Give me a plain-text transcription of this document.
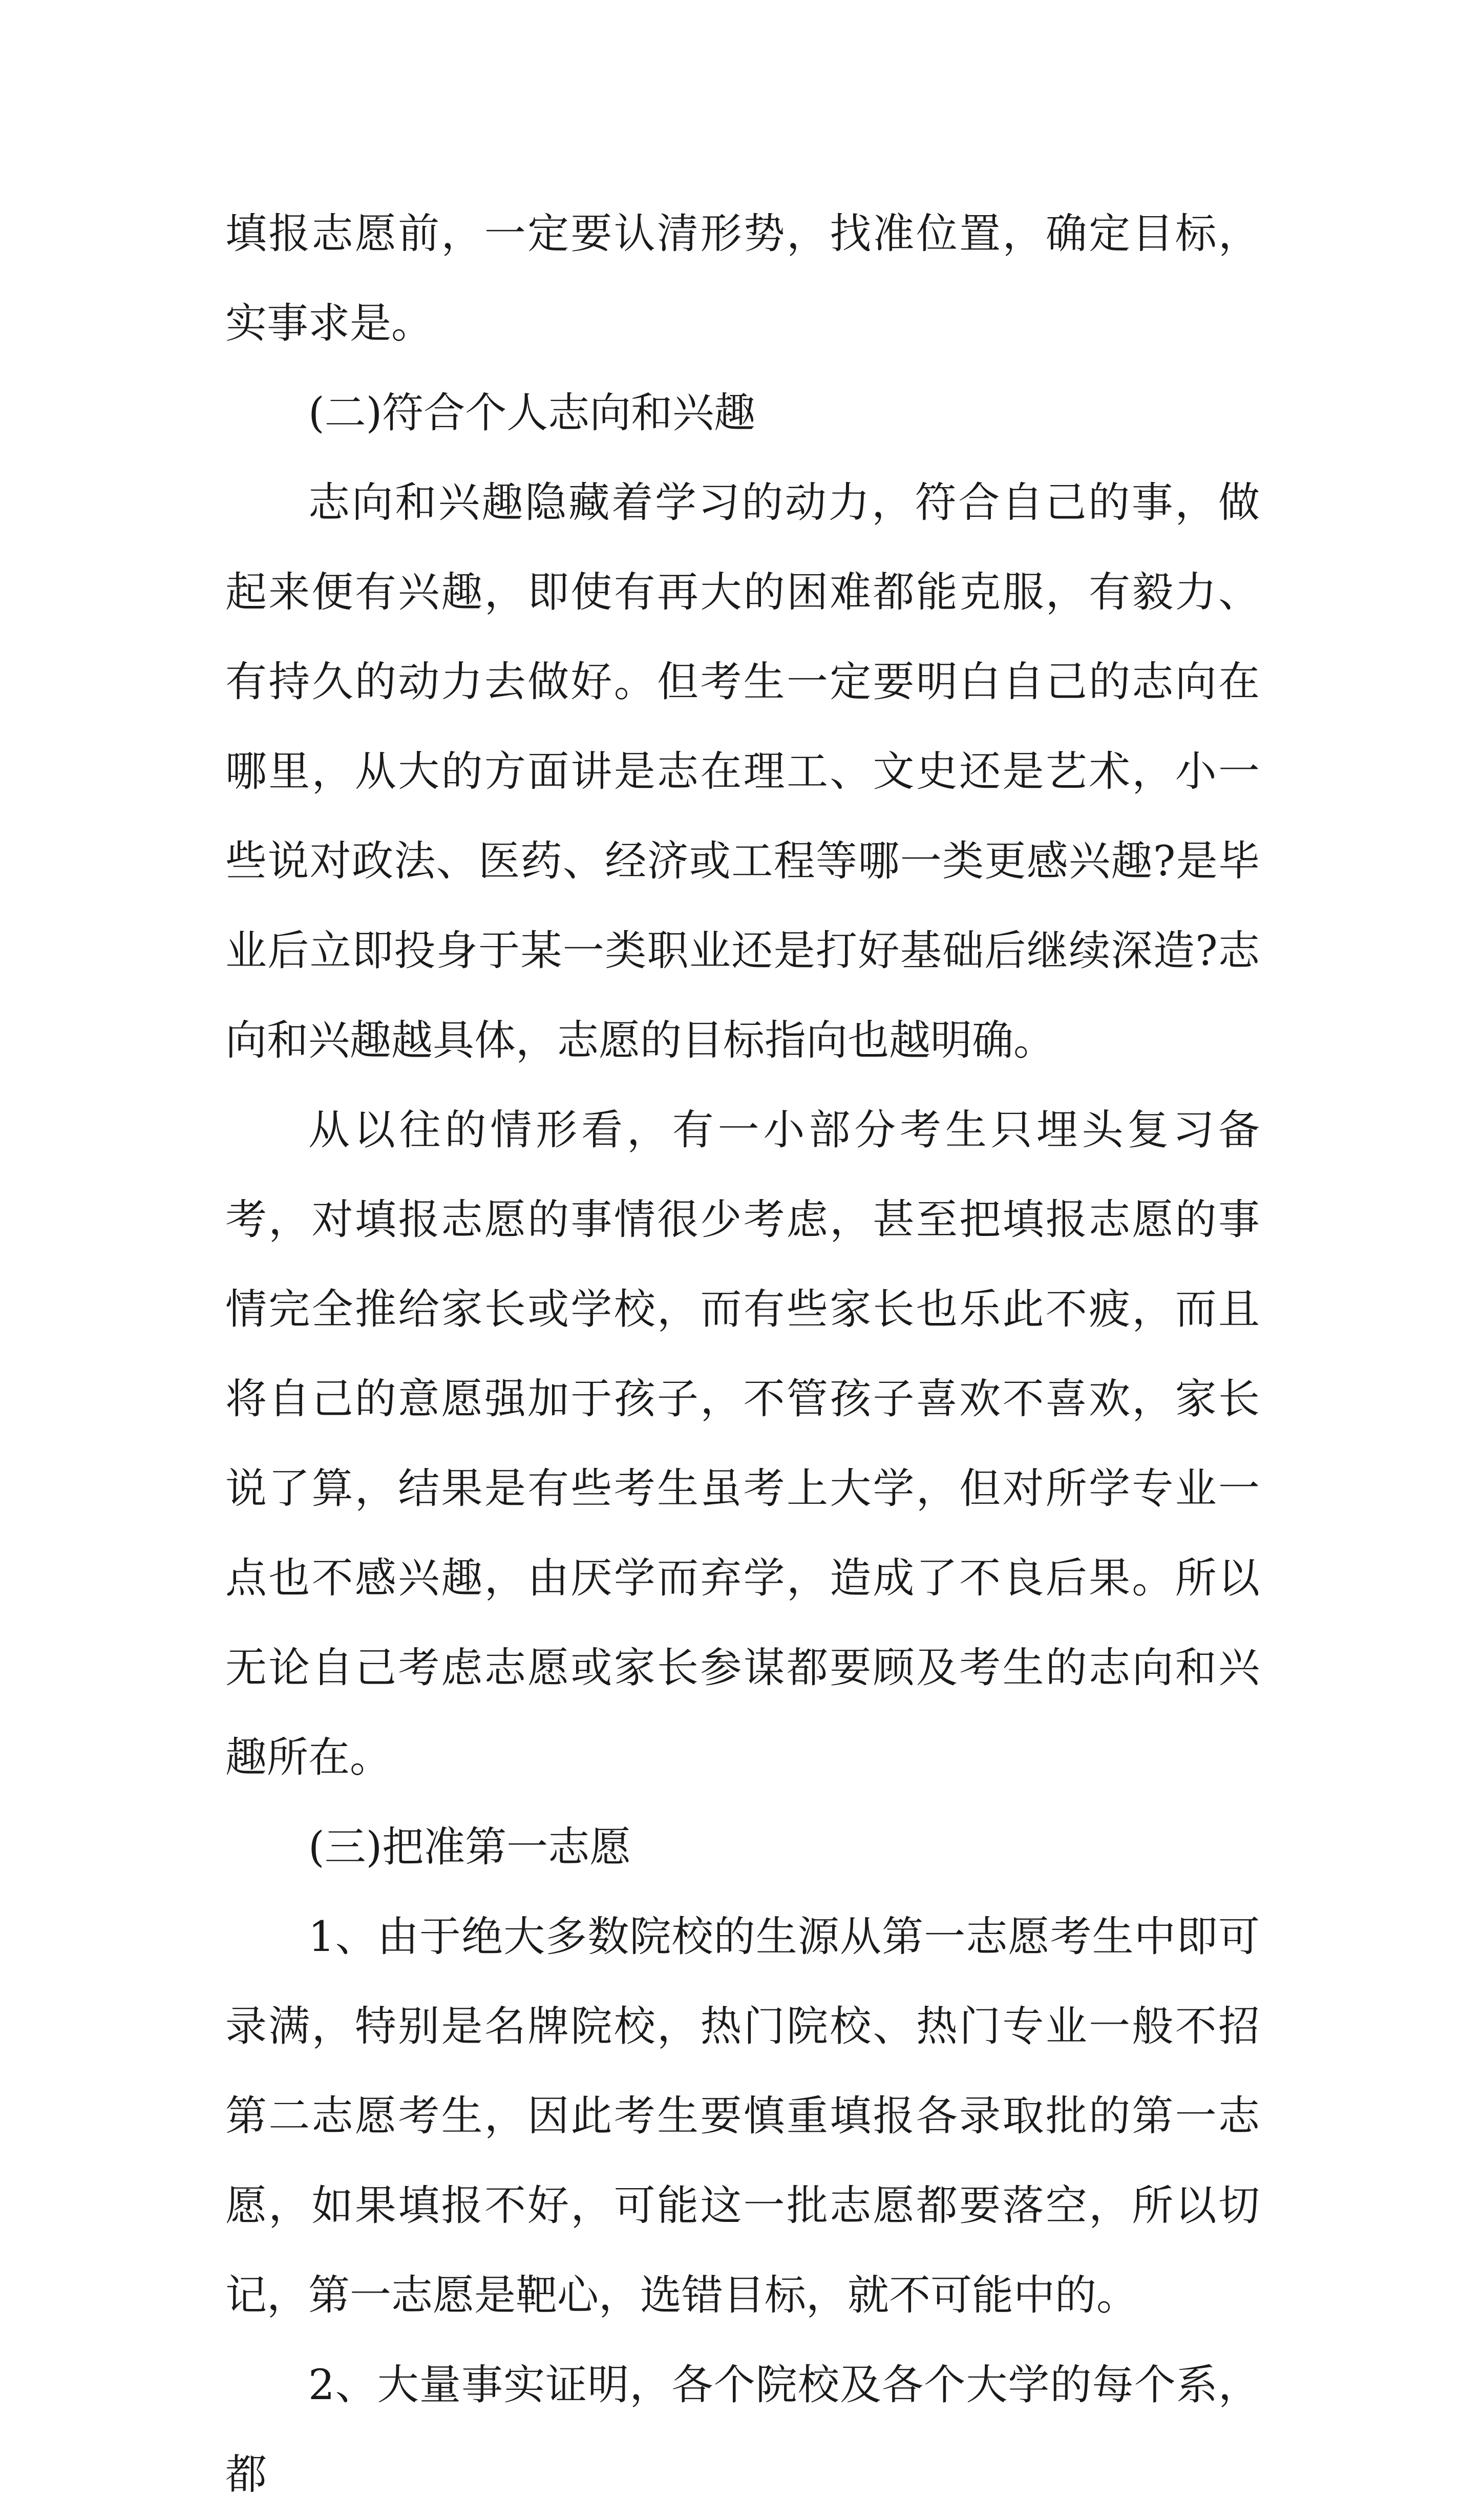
填报志愿前，一定要认清形势，找准位置，确定目标，实事求是。

(二)符合个人志向和兴趣

志向和兴趣隐藏着学习的动力，符合自己的事，做起来便有兴趣，即使有再大的困难都能克服，有毅力、有持久的动力去做好。但考生一定要明白自己的志向在哪里，从大的方面讲是志在理工、文史还是艺术，小一些说对政法、医药、经济或工程等哪一类更感兴趣?是毕业后立即投身于某一类职业还是打好基础后继续深造?志向和兴趣越具体，志愿的目标指向也越明确。

从以往的情形看，有一小部分考生只埋头复习备考，对填报志愿的事情很少考虑，甚至把填报志愿的事情完全推给家长或学校，而有些家长也乐此不疲，而且将自己的意愿强加于孩子，不管孩子喜欢不喜欢，家长说了算，结果是有些考生虽考上大学，但对所学专业一点也不感兴趣，由厌学而弃学，造成了不良后果。所以无论自己考虑志愿或家长参谋都要顾及考生的志向和兴趣所在。

(三)把准第一志愿

1、由于绝大多数院校的生源从第一志愿考生中即可录满，特别是名牌院校，热门院校、热门专业一般不招第二志愿考生，因此考生要慎重填报各录取批的第一志愿，如果填报不好，可能这一批志愿都要落空，所以切记，第一志愿是靶心，选错目标，就不可能中的。

2、大量事实证明，各个院校及各个大学的每个系，都
